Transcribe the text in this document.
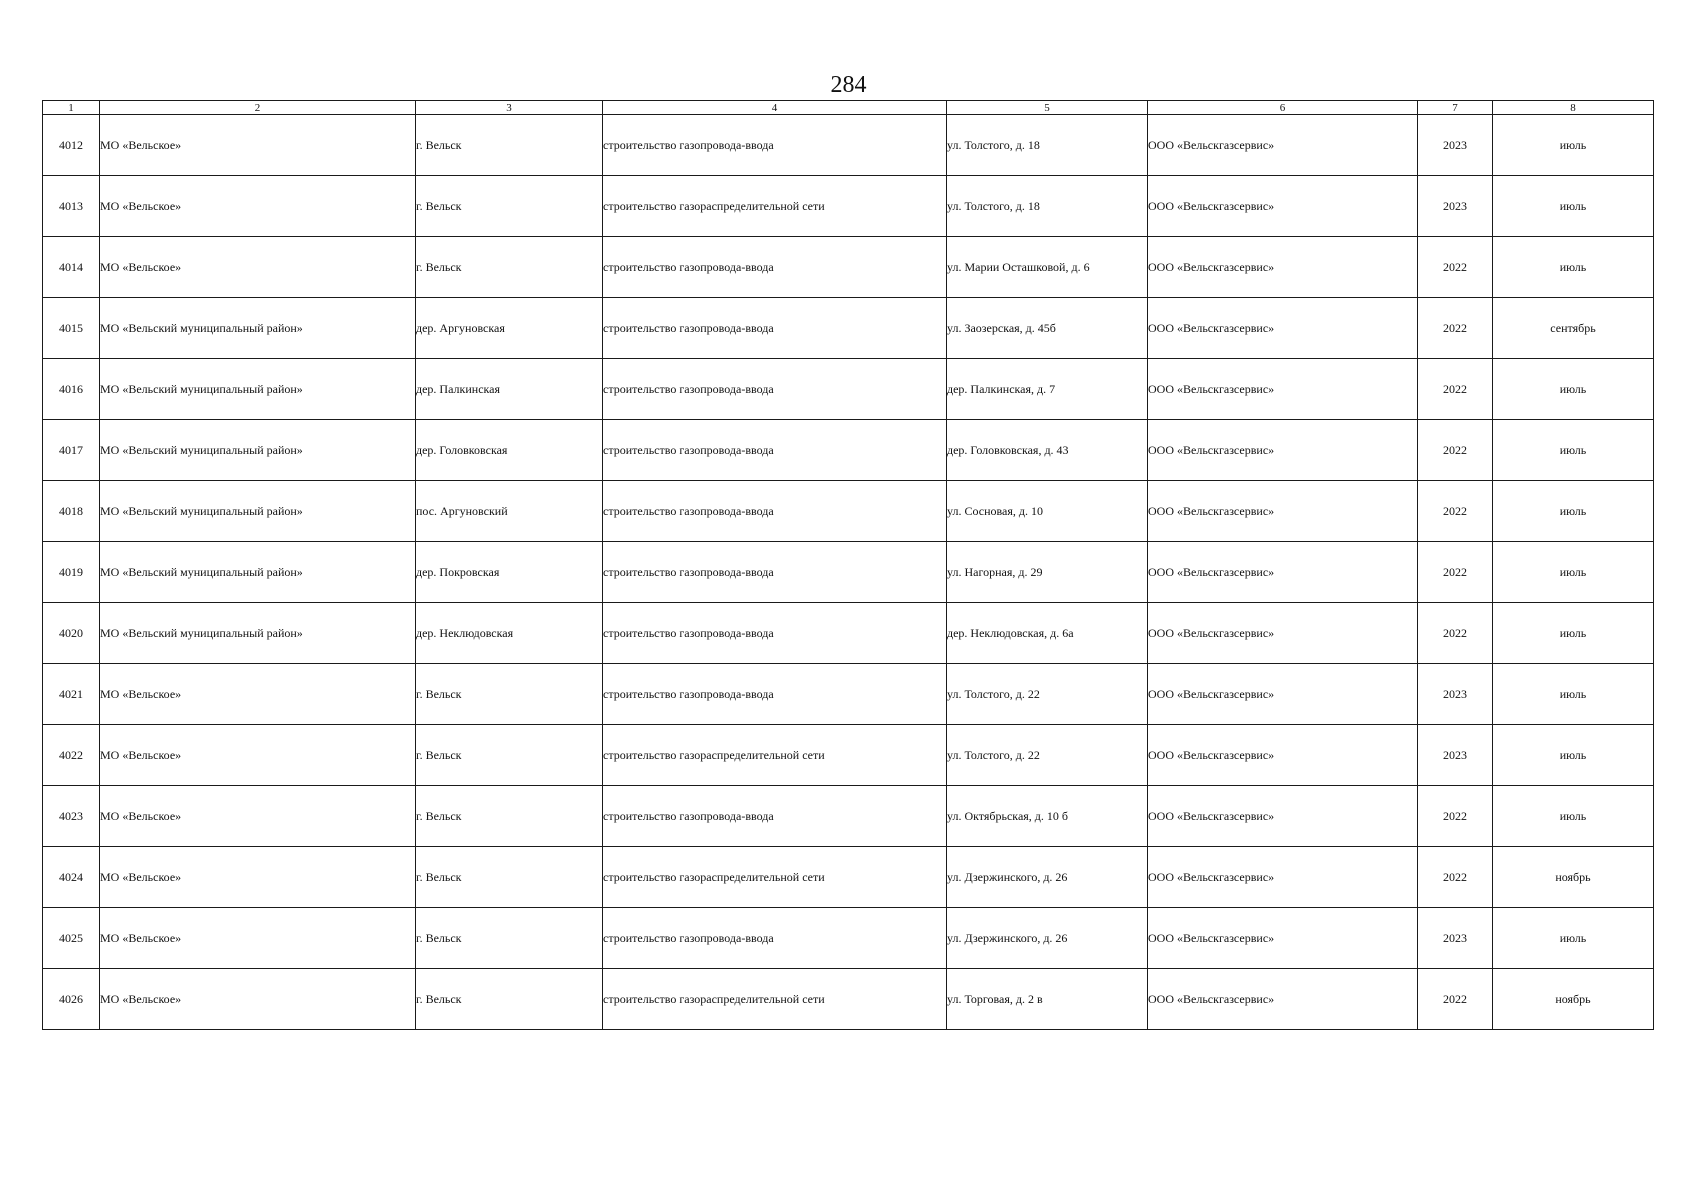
284
1	2	3	4	5	6	7	8
4012	МО «Вельское»	г. Вельск	строительство газопровода-ввода	ул. Толстого, д. 18	ООО «Вельскгазсервис»	2023	июль
4013	МО «Вельское»	г. Вельск	строительство газораспределительной сети	ул. Толстого, д. 18	ООО «Вельскгазсервис»	2023	июль
4014	МО «Вельское»	г. Вельск	строительство газопровода-ввода	ул. Марии Осташковой, д. 6	ООО «Вельскгазсервис»	2022	июль
4015	МО «Вельский муниципальный район»	дер. Аргуновская	строительство газопровода-ввода	ул. Заозерская, д. 45б	ООО «Вельскгазсервис»	2022	сентябрь
4016	МО «Вельский муниципальный район»	дер. Палкинская	строительство газопровода-ввода	дер. Палкинская, д. 7	ООО «Вельскгазсервис»	2022	июль
4017	МО «Вельский муниципальный район»	дер. Головковская	строительство газопровода-ввода	дер. Головковская, д. 43	ООО «Вельскгазсервис»	2022	июль
4018	МО «Вельский муниципальный район»	пос. Аргуновский	строительство газопровода-ввода	ул. Сосновая, д. 10	ООО «Вельскгазсервис»	2022	июль
4019	МО «Вельский муниципальный район»	дер. Покровская	строительство газопровода-ввода	ул. Нагорная, д. 29	ООО «Вельскгазсервис»	2022	июль
4020	МО «Вельский муниципальный район»	дер. Неклюдовская	строительство газопровода-ввода	дер. Неклюдовская, д. 6а	ООО «Вельскгазсервис»	2022	июль
4021	МО «Вельское»	г. Вельск	строительство газопровода-ввода	ул. Толстого, д. 22	ООО «Вельскгазсервис»	2023	июль
4022	МО «Вельское»	г. Вельск	строительство газораспределительной сети	ул. Толстого, д. 22	ООО «Вельскгазсервис»	2023	июль
4023	МО «Вельское»	г. Вельск	строительство газопровода-ввода	ул. Октябрьская, д. 10 б	ООО «Вельскгазсервис»	2022	июль
4024	МО «Вельское»	г. Вельск	строительство газораспределительной сети	ул. Дзержинского, д. 26	ООО «Вельскгазсервис»	2022	ноябрь
4025	МО «Вельское»	г. Вельск	строительство газопровода-ввода	ул. Дзержинского, д. 26	ООО «Вельскгазсервис»	2023	июль
4026	МО «Вельское»	г. Вельск	строительство газораспределительной сети	ул. Торговая, д. 2 в	ООО «Вельскгазсервис»	2022	ноябрь
